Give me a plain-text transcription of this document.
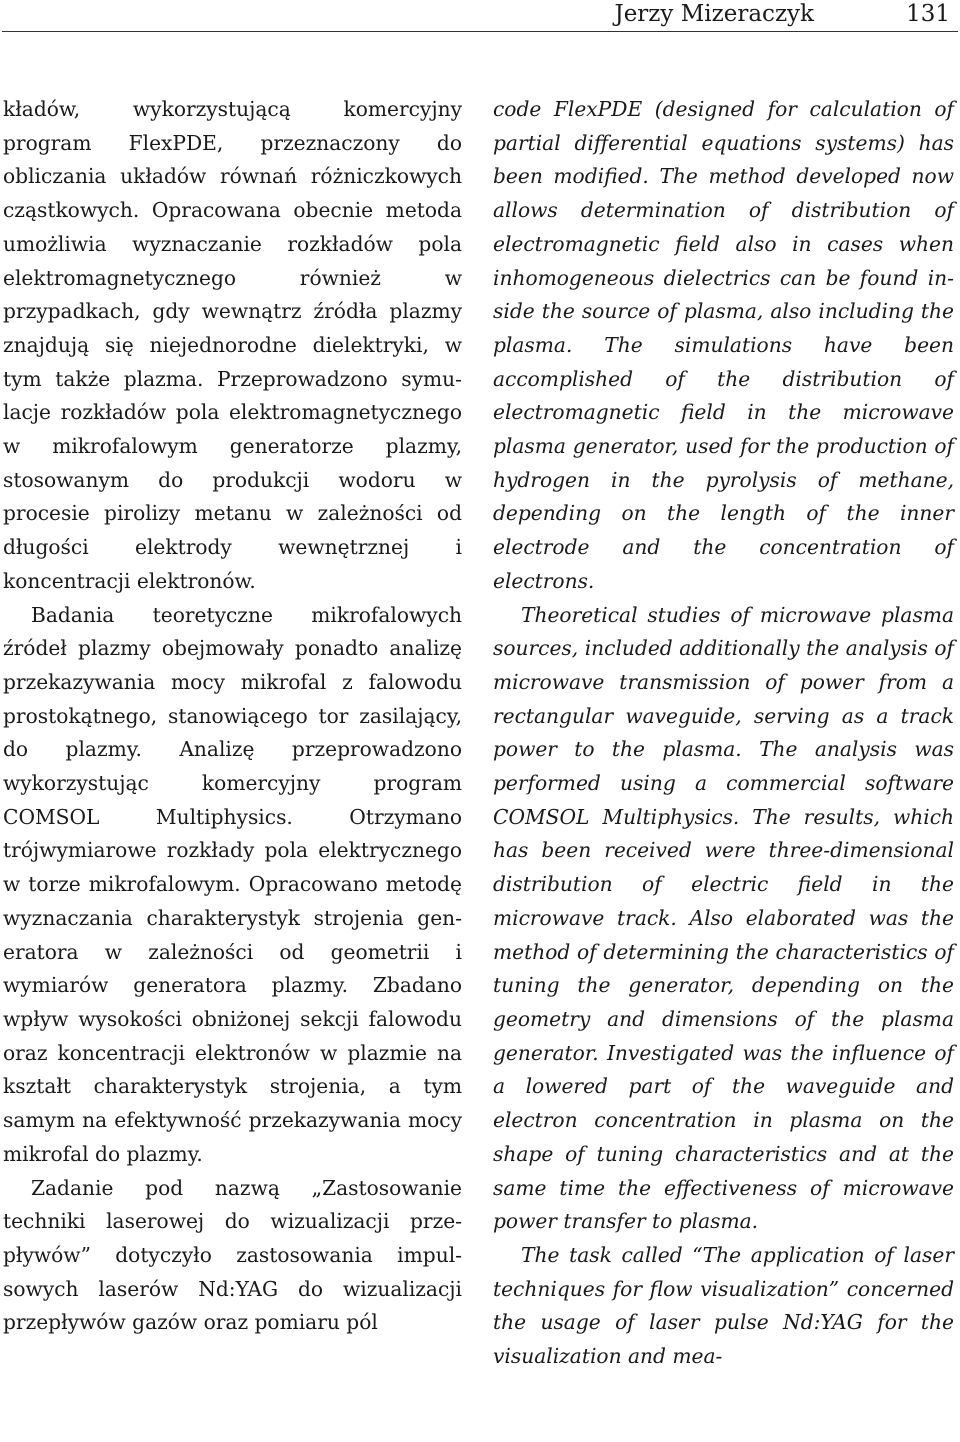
Jerzy Mizeraczyk	131

kładów, wykorzystującą komercyjny program FlexPDE, przeznaczony do obliczania układów równań różniczkowych cząstkowych. Opracowana obecnie metoda umożliwia wyznaczanie rozkładów pola elektromagnetycznego również w przypadkach, gdy wewnątrz źródła plazmy znajdują się niejednorodne dielektryki, w tym także plazma. Przeprowadzono symulacje rozkładów pola elektromagnetycznego w mikrofalowym generatorze plazmy, stosowanym do produkcji wodoru w procesie pirolizy metanu w zależności od długości elektrody wewnętrznej i koncentracji elektronów.

Badania teoretyczne mikrofalowych źródeł plazmy obejmowały ponadto analizę przekazywania mocy mikrofal z falowodu prostokątnego, stanowiącego tor zasilający, do plazmy. Analizę przeprowadzono wykorzystując komercyjny program COMSOL Multiphysics. Otrzymano trójwymiarowe rozkłady pola elektrycznego w torze mikrofalowym. Opracowano metodę wyznaczania charakterystyk strojenia generatora w zależności od geometrii i wymiarów generatora plazmy. Zbadano wpływ wysokości obniżonej sekcji falowodu oraz koncentracji elektronów w plazmie na kształt charakterystyk strojenia, a tym samym na efektywność przekazywania mocy mikrofal do plazmy.

Zadanie pod nazwą „Zastosowanie techniki laserowej do wizualizacji przepływów” dotyczyło zastosowania impulsowych laserów Nd:YAG do wizualizacji przepływów gazów oraz pomiaru pól

code FlexPDE (designed for calculation of partial differential equations systems) has been modified. The method developed now allows determination of distribution of electromagnetic field also in cases when inhomogeneous dielectrics can be found inside the source of plasma, also including the plasma. The simulations have been accomplished of the distribution of electromagnetic field in the microwave plasma generator, used for the production of hydrogen in the pyrolysis of methane, depending on the length of the inner electrode and the concentration of electrons.

Theoretical studies of microwave plasma sources, included additionally the analysis of microwave transmission of power from a rectangular waveguide, serving as a track power to the plasma. The analysis was performed using a commercial software COMSOL Multiphysics. The results, which has been received were three-dimensional distribution of electric field in the microwave track. Also elaborated was the method of determining the characteristics of tuning the generator, depending on the geometry and dimensions of the plasma generator. Investigated was the influence of a lowered part of the waveguide and electron concentration in plasma on the shape of tuning characteristics and at the same time the effectiveness of microwave power transfer to plasma.

The task called “The application of laser techniques for flow visualization” concerned the usage of laser pulse Nd:YAG for the visualization and mea-
